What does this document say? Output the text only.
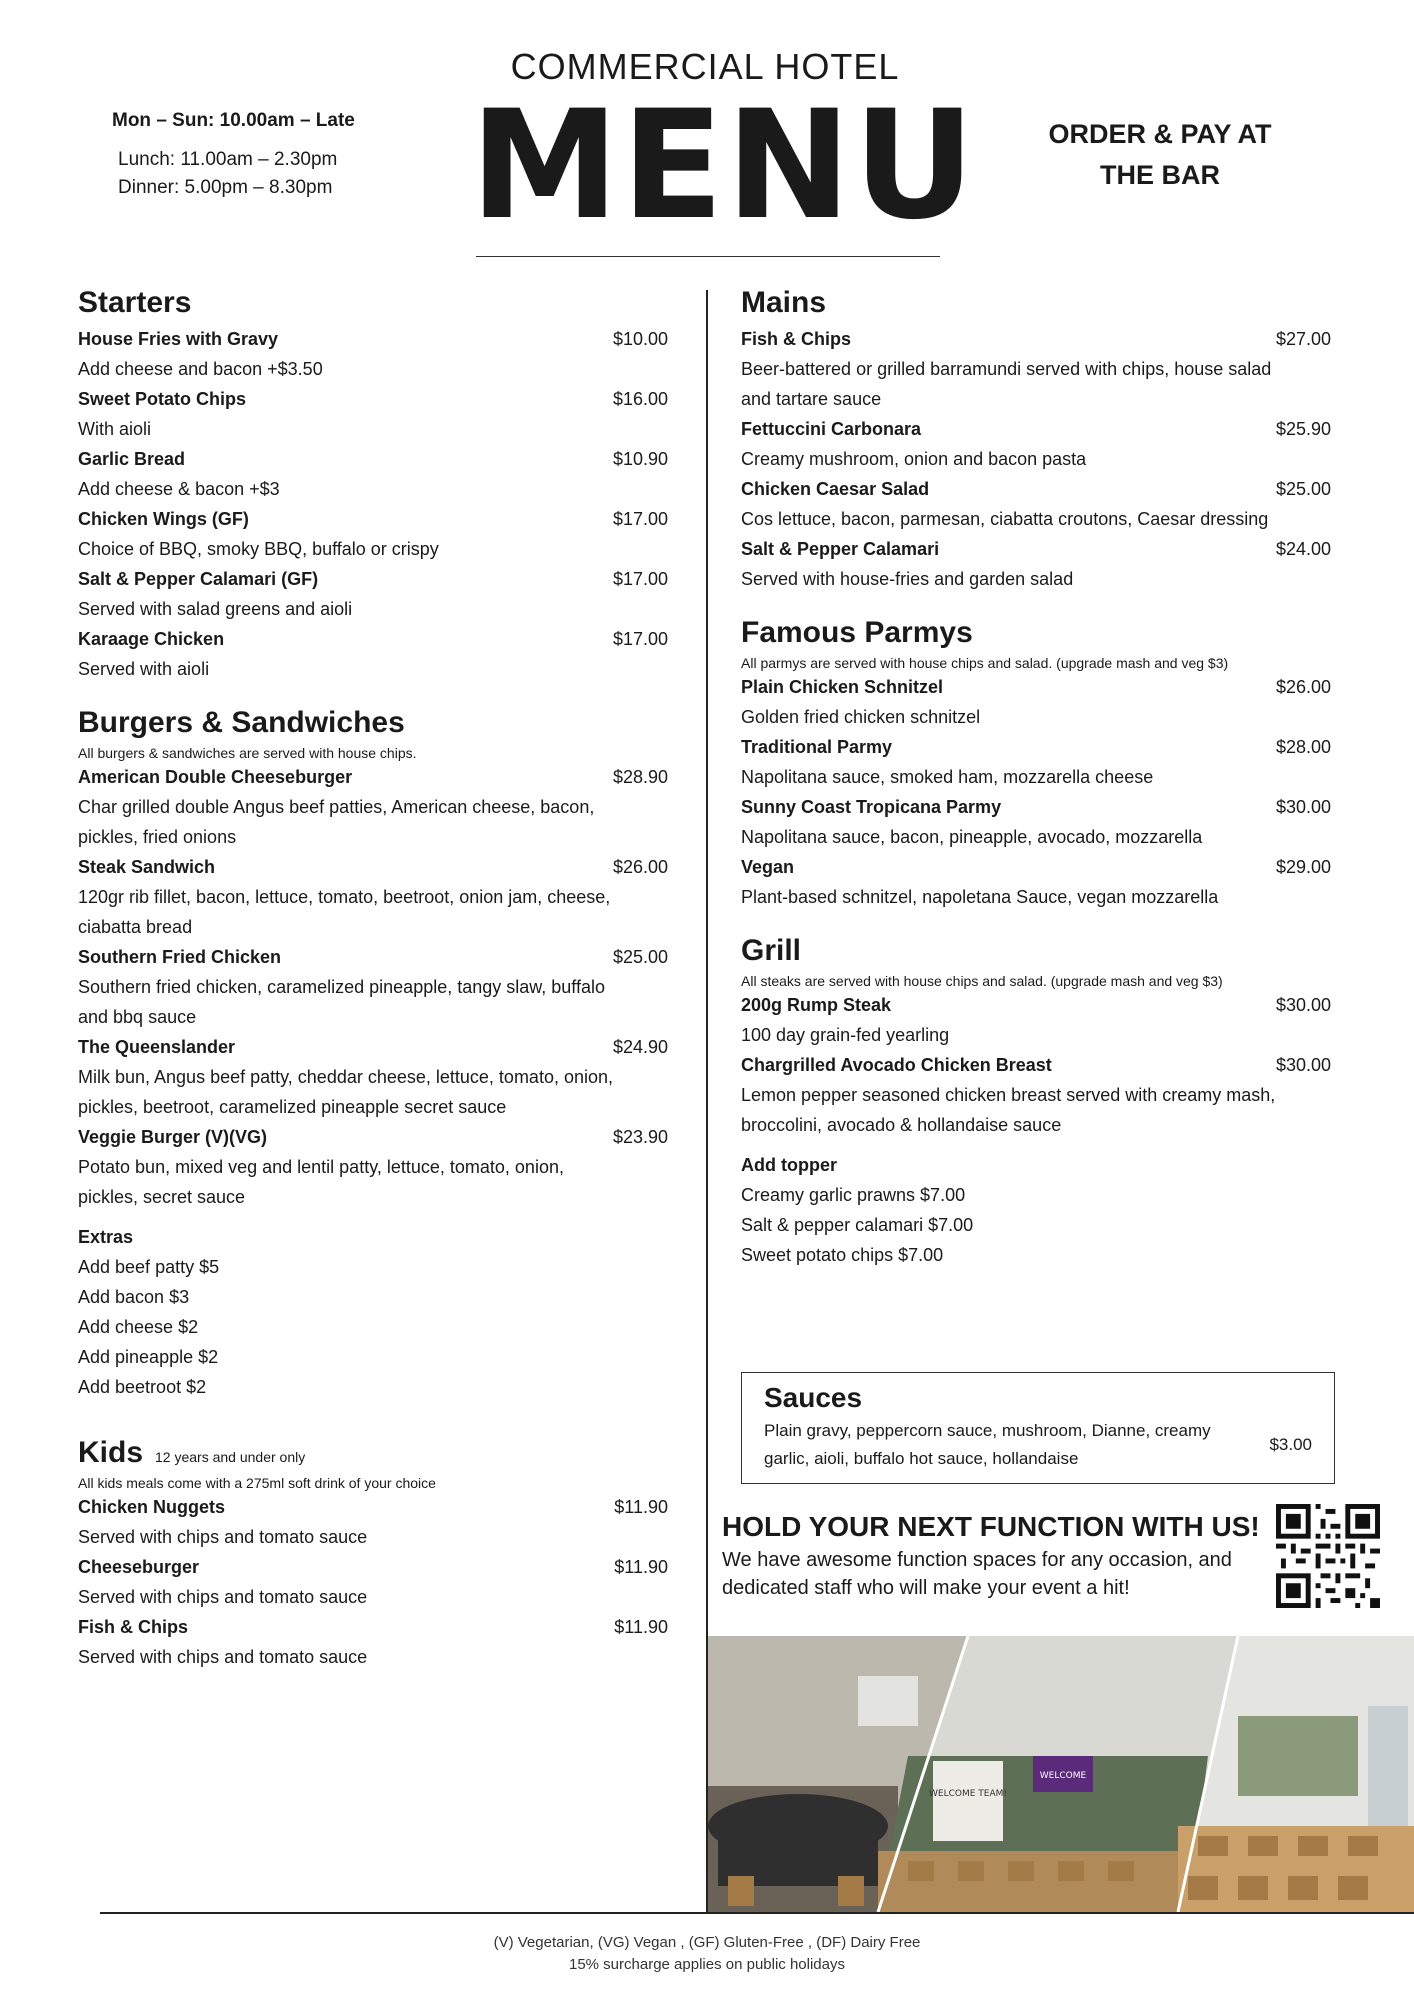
Mon – Sun: 10.00am – Late
Lunch: 11.00am – 2.30pm
Dinner: 5.00pm – 8.30pm
COMMERCIAL HOTEL
MENU	ORDER & PAY AT
THE BAR
Starters
House Fries with Gravy	$10.00
Add cheese and bacon +$3.50
Sweet Potato Chips	$16.00
With aioli
Garlic Bread	$10.90
Add cheese & bacon +$3
Chicken Wings (GF)	$17.00
Choice of BBQ, smoky BBQ, buffalo or crispy
Salt & Pepper Calamari (GF)	$17.00
Served with salad greens and aioli
Karaage Chicken	$17.00
Served with aioli
Burgers & Sandwiches
All burgers & sandwiches are served with house chips.
American Double Cheeseburger	$28.90
Char grilled double Angus beef patties, American cheese, bacon, pickles, fried onions
Steak Sandwich	$26.00
120gr rib fillet, bacon, lettuce, tomato, beetroot, onion jam, cheese, ciabatta bread
Southern Fried Chicken	$25.00
Southern fried chicken, caramelized pineapple, tangy slaw, buffalo and bbq sauce
The Queenslander	$24.90
Milk bun, Angus beef patty, cheddar cheese, lettuce, tomato, onion, pickles, beetroot, caramelized pineapple secret sauce
Veggie Burger (V)(VG)	$23.90
Potato bun, mixed veg and lentil patty, lettuce, tomato, onion, pickles, secret sauce
Extras
Add beef patty $5
Add bacon $3
Add cheese $2
Add pineapple $2
Add beetroot $2
Kids 12 years and under only
All kids meals come with a 275ml soft drink of your choice
Chicken Nuggets	$11.90
Served with chips and tomato sauce
Cheeseburger	$11.90
Served with chips and tomato sauce
Fish & Chips	$11.90
Served with chips and tomato sauce
Mains
Fish & Chips	$27.00
Beer-battered or grilled barramundi served with chips, house salad and tartare sauce
Fettuccini Carbonara	$25.90
Creamy mushroom, onion and bacon pasta
Chicken Caesar Salad	$25.00
Cos lettuce, bacon, parmesan, ciabatta croutons, Caesar dressing
Salt & Pepper Calamari	$24.00
Served with house-fries and garden salad
Famous Parmys
All parmys are served with house chips and salad. (upgrade mash and veg $3)
Plain Chicken Schnitzel	$26.00
Golden fried chicken schnitzel
Traditional Parmy	$28.00
Napolitana sauce, smoked ham, mozzarella cheese
Sunny Coast Tropicana Parmy	$30.00
Napolitana sauce, bacon, pineapple, avocado, mozzarella
Vegan	$29.00
Plant-based schnitzel, napoletana Sauce, vegan mozzarella
Grill
All steaks are served with house chips and salad. (upgrade mash and veg $3)
200g Rump Steak	$30.00
100 day grain-fed yearling
Chargrilled Avocado Chicken Breast	$30.00
Lemon pepper seasoned chicken breast served with creamy mash, broccolini, avocado & hollandaise sauce
Add topper
Creamy garlic prawns $7.00
Salt & pepper calamari $7.00
Sweet potato chips $7.00
Sauces
Plain gravy, peppercorn sauce, mushroom, Dianne, creamy garlic, aioli, buffalo hot sauce, hollandaise
$3.00
HOLD YOUR NEXT FUNCTION WITH US!
We have awesome function spaces for any occasion, and dedicated staff who will make your event a hit!
WELCOME
WELCOME TEAM!
(V) Vegetarian, (VG) Vegan , (GF) Gluten-Free , (DF) Dairy Free
15% surcharge applies on public holidays
